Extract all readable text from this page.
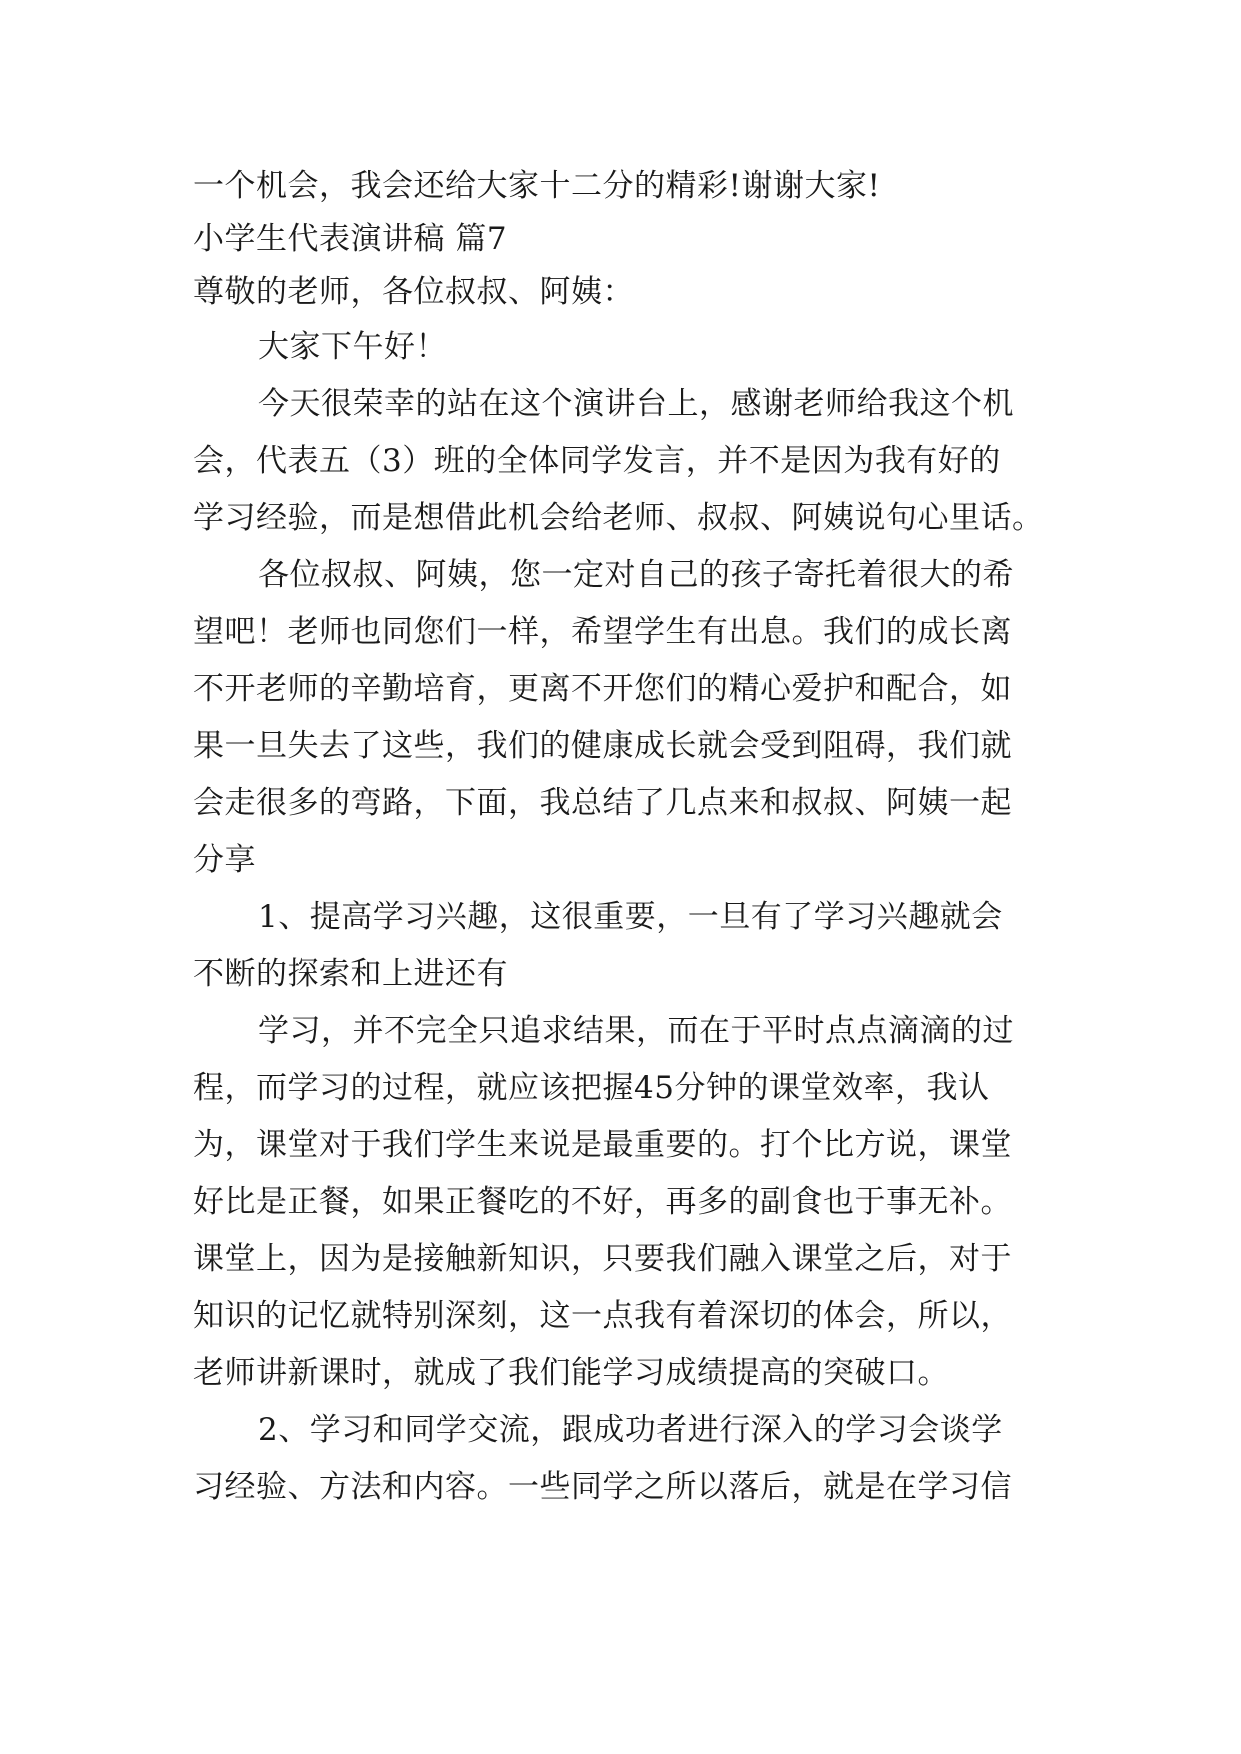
一个机会，我会还给大家十二分的精彩!谢谢大家!
小学生代表演讲稿 篇7
尊敬的老师，各位叔叔、阿姨：
大家下午好！
今天很荣幸的站在这个演讲台上，感谢老师给我这个机
会，代表五（3）班的全体同学发言，并不是因为我有好的
学习经验，而是想借此机会给老师、叔叔、阿姨说句心里话。
各位叔叔、阿姨，您一定对自己的孩子寄托着很大的希
望吧！老师也同您们一样，希望学生有出息。我们的成长离
不开老师的辛勤培育，更离不开您们的精心爱护和配合，如
果一旦失去了这些，我们的健康成长就会受到阻碍，我们就
会走很多的弯路，下面，我总结了几点来和叔叔、阿姨一起
分享
1、提高学习兴趣，这很重要，一旦有了学习兴趣就会
不断的探索和上进还有
学习，并不完全只追求结果，而在于平时点点滴滴的过
程，而学习的过程，就应该把握45分钟的课堂效率，我认
为，课堂对于我们学生来说是最重要的。打个比方说，课堂
好比是正餐，如果正餐吃的不好，再多的副食也于事无补。
课堂上，因为是接触新知识，只要我们融入课堂之后，对于
知识的记忆就特别深刻，这一点我有着深切的体会，所以，
老师讲新课时，就成了我们能学习成绩提高的突破口。
2、学习和同学交流，跟成功者进行深入的学习会谈学
习经验、方法和内容。一些同学之所以落后，就是在学习信
